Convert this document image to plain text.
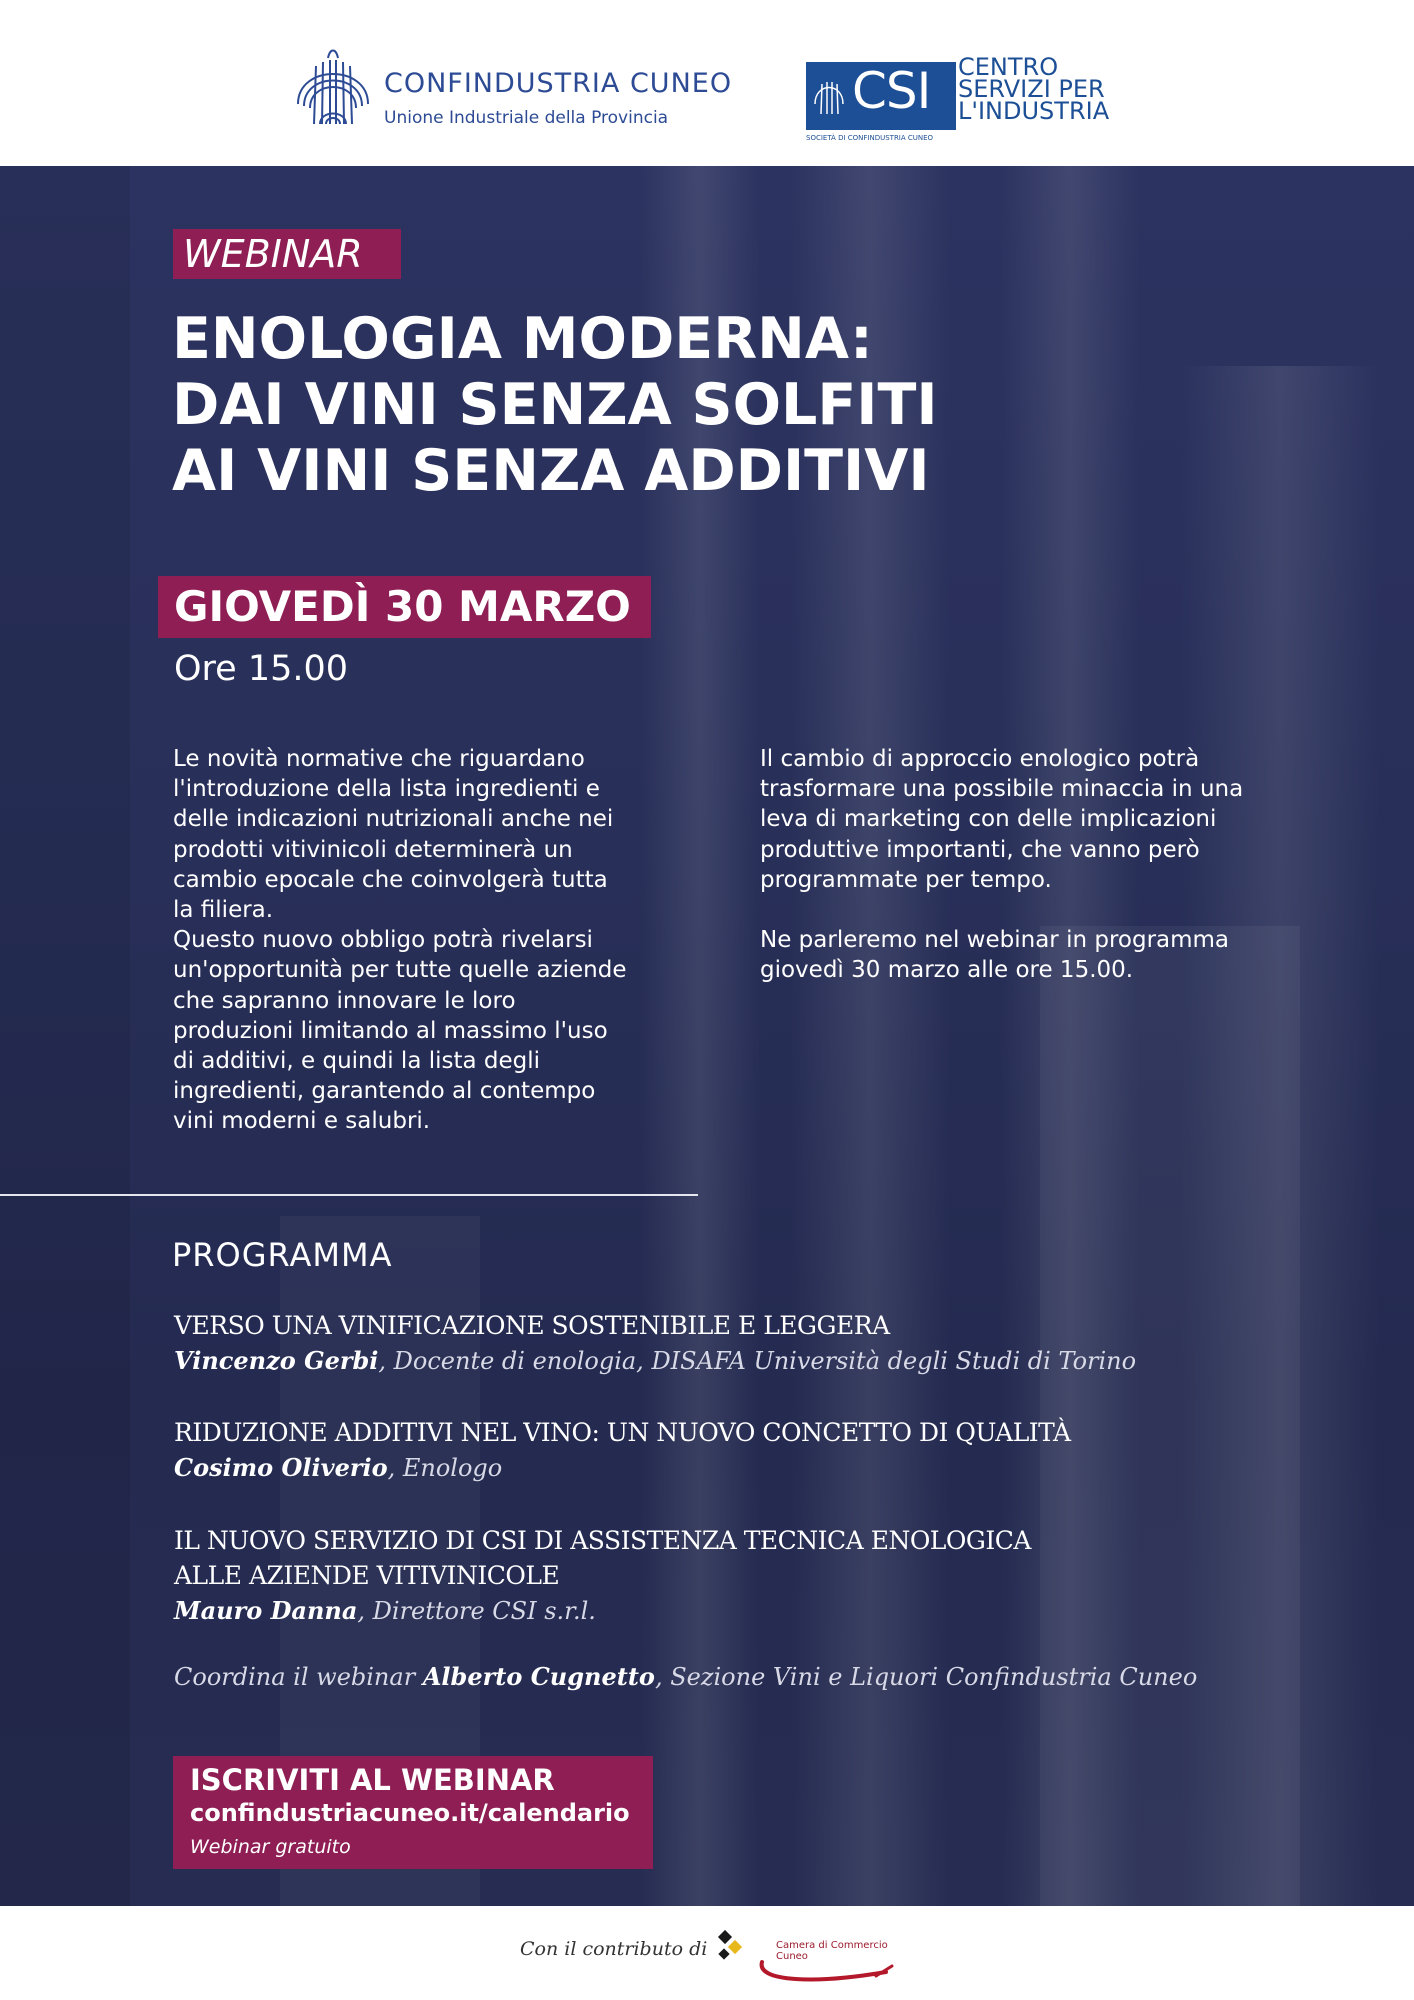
CONFINDUSTRIA CUNEO
Unione Industriale della Provincia	CSI
SOCIETÀ DI CONFINDUSTRIA CUNEO
CENTRO
SERVIZI PER
L'INDUSTRIA
WEBINAR
ENOLOGIA MODERNA:
DAI VINI SENZA SOLFITI
AI VINI SENZA ADDITIVI
GIOVEDÌ 30 MARZO
Ore 15.00
Le novità normative che riguardano
l'introduzione della lista ingredienti e
delle indicazioni nutrizionali anche nei
prodotti vitivinicoli determinerà un
cambio epocale che coinvolgerà tutta
la filiera.
Questo nuovo obbligo potrà rivelarsi
un'opportunità per tutte quelle aziende
che sapranno innovare le loro
produzioni limitando al massimo l'uso
di additivi, e quindi la lista degli
ingredienti, garantendo al contempo
vini moderni e salubri.
Il cambio di approccio enologico potrà
trasformare una possibile minaccia in una
leva di marketing con delle implicazioni
produttive importanti, che vanno però
programmate per tempo.

Ne parleremo nel webinar in programma
giovedì 30 marzo alle ore 15.00.
PROGRAMMA
VERSO UNA VINIFICAZIONE SOSTENIBILE E LEGGERA
Vincenzo Gerbi, Docente di enologia, DISAFA Università degli Studi di Torino
RIDUZIONE ADDITIVI NEL VINO: UN NUOVO CONCETTO DI QUALITÀ
Cosimo Oliverio, Enologo
IL NUOVO SERVIZIO DI CSI DI ASSISTENZA TECNICA ENOLOGICA
ALLE AZIENDE VITIVINICOLE
Mauro Danna, Direttore CSI s.r.l.
Coordina il webinar Alberto Cugnetto, Sezione Vini e Liquori Confindustria Cuneo
ISCRIVITI AL WEBINAR
confindustriacuneo.it/calendario
Webinar gratuito
Con il contributo di	Camera di Commercio
Cuneo
